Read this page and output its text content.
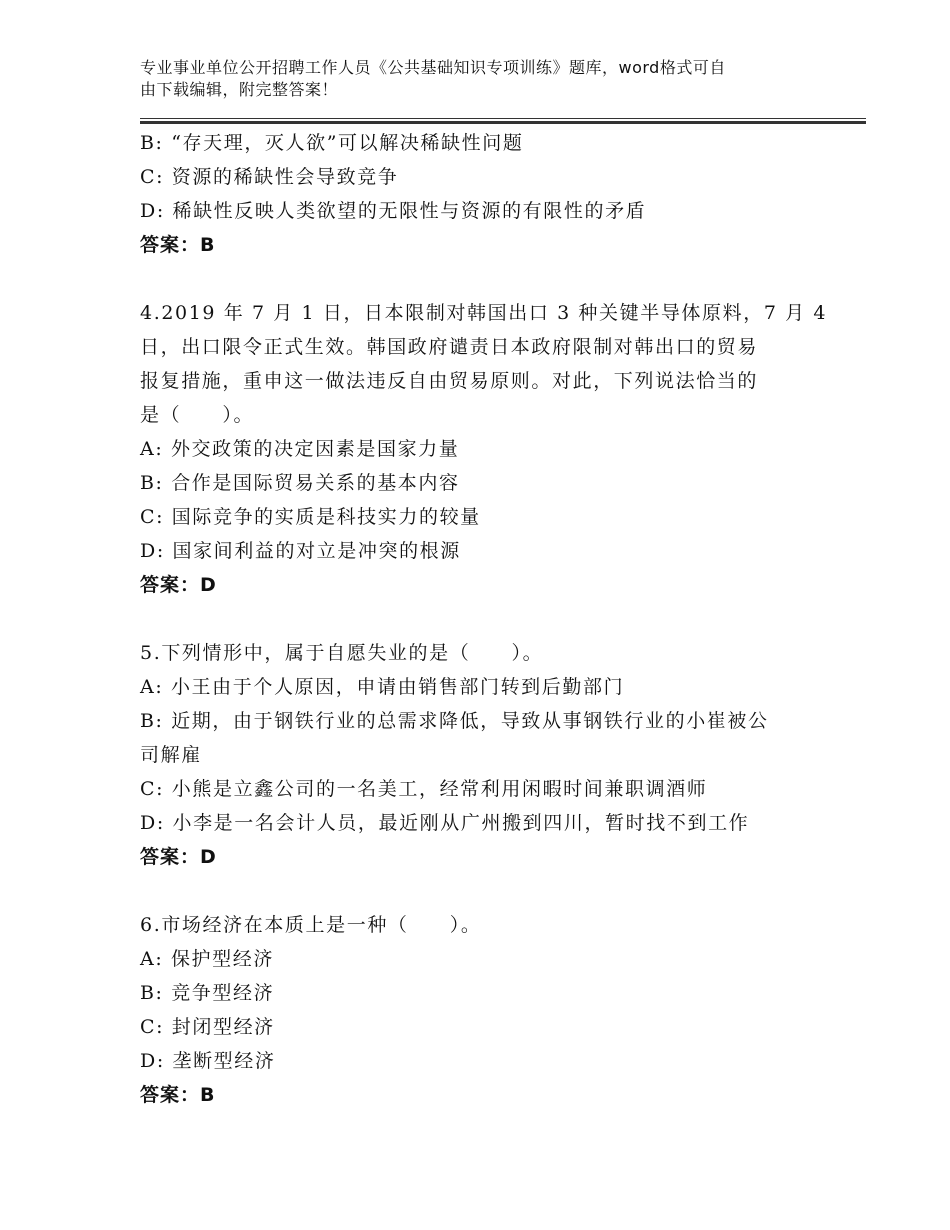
专业事业单位公开招聘工作人员《公共基础知识专项训练》题库，word格式可自
由下载编辑，附完整答案！
B: “存天理，灭人欲”可以解决稀缺性问题
C: 资源的稀缺性会导致竞争
D: 稀缺性反映人类欲望的无限性与资源的有限性的矛盾
答案：B
4.2019 年 7 月 1 日，日本限制对韩国出口 3 种关键半导体原料，7 月 4
日，出口限令正式生效。韩国政府谴责日本政府限制对韩出口的贸易
报复措施，重申这一做法违反自由贸易原则。对此，下列说法恰当的
是（　　）。
A: 外交政策的决定因素是国家力量
B: 合作是国际贸易关系的基本内容
C: 国际竞争的实质是科技实力的较量
D: 国家间利益的对立是冲突的根源
答案：D
5.下列情形中，属于自愿失业的是（　　）。
A: 小王由于个人原因，申请由销售部门转到后勤部门
B: 近期，由于钢铁行业的总需求降低，导致从事钢铁行业的小崔被公
司解雇
C: 小熊是立鑫公司的一名美工，经常利用闲暇时间兼职调酒师
D: 小李是一名会计人员，最近刚从广州搬到四川，暂时找不到工作
答案：D
6.市场经济在本质上是一种（　　）。
A: 保护型经济
B: 竞争型经济
C: 封闭型经济
D: 垄断型经济
答案：B
